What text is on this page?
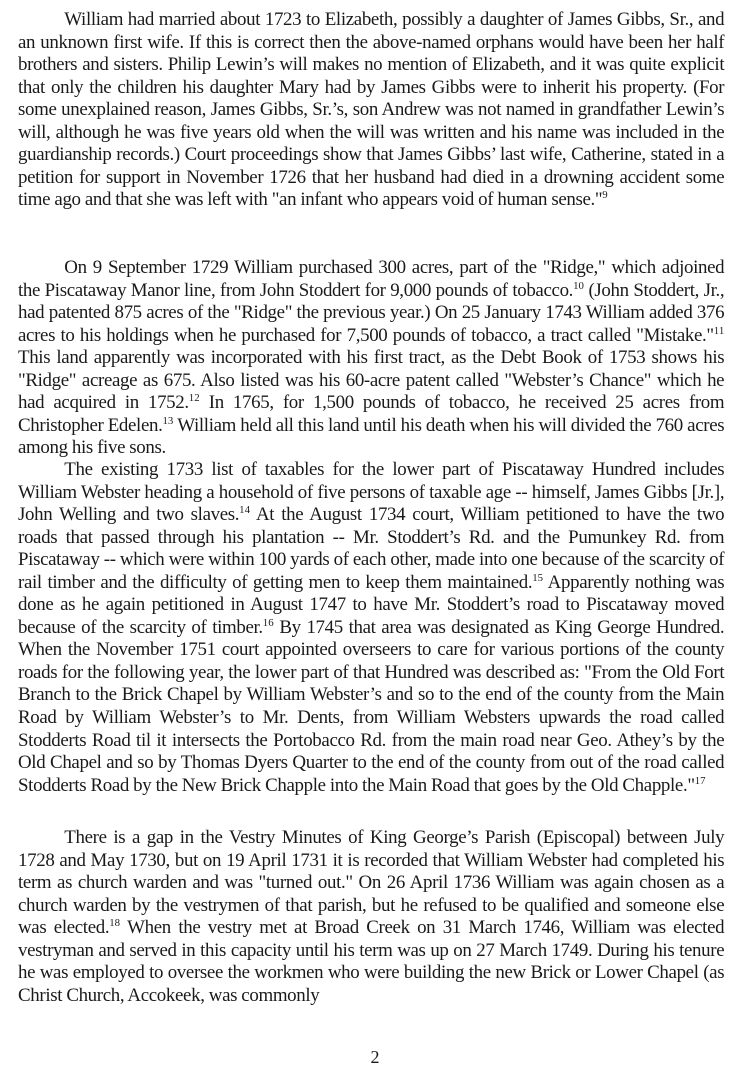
William had married about 1723 to Elizabeth, possibly a daughter of James Gibbs, Sr., and an unknown first wife. If this is correct then the above-named orphans would have been her half brothers and sisters. Philip Lewin’s will makes no mention of Elizabeth, and it was quite explicit that only the children his daughter Mary had by James Gibbs were to inherit his property. (For some unexplained reason, James Gibbs, Sr.’s, son Andrew was not named in grandfather Lewin’s will, although he was five years old when the will was written and his name was included in the guardianship records.) Court proceedings show that James Gibbs’ last wife, Catherine, stated in a petition for support in November 1726 that her husband had died in a drowning accident some time ago and that she was left with "an infant who appears void of human sense."$^9$

On 9 September 1729 William purchased 300 acres, part of the "Ridge," which adjoined the Piscataway Manor line, from John Stoddert for 9,000 pounds of tobacco.$^{10}$ (John Stoddert, Jr., had patented 875 acres of the "Ridge" the previous year.) On 25 January 1743 William added 376 acres to his holdings when he purchased for 7,500 pounds of tobacco, a tract called "Mistake."$^{11}$ This land apparently was incorporated with his first tract, as the Debt Book of 1753 shows his "Ridge" acreage as 675. Also listed was his 60-acre patent called "Webster’s Chance" which he had acquired in 1752.12 In 1765, for 1,500 pounds of tobacco, he received 25 acres from Christopher Edelen.$^{13}$ William held all this land until his death when his will divided the 760 acres among his five sons.

The existing 1733 list of taxables for the lower part of Piscataway Hundred includes William Webster heading a household of five persons of taxable age -- himself, James Gibbs [Jr.], John Welling and two slaves.$^{14}$ At the August 1734 court, William petitioned to have the two roads that passed through his plantation -- Mr. Stoddert’s Rd. and the Pumunkey Rd. from Piscataway -- which were within 100 yards of each other, made into one because of the scarcity of rail timber and the difficulty of getting men to keep them maintained.$^{15}$ Apparently nothing was done as he again petitioned in August 1747 to have Mr. Stoddert’s road to Piscataway moved because of the scarcity of timber.$^{16}$ By 1745 that area was designated as King George Hundred. When the November 1751 court appointed overseers to care for various portions of the county roads for the following year, the lower part of that Hundred was described as: "From the Old Fort Branch to the Brick Chapel by William Webster’s and so to the end of the county from the Main Road by William Webster’s to Mr. Dents, from William Websters upwards the road called Stodderts Road til it intersects the Portobacco Rd. from the main road near Geo. Athey’s by the Old Chapel and so by Thomas Dyers Quarter to the end of the county from out of the road called Stodderts Road by the New Brick Chapple into the Main Road that goes by the Old Chapple."$^{17}$

There is a gap in the Vestry Minutes of King George’s Parish (Episcopal) between July 1728 and May 1730, but on 19 April 1731 it is recorded that William Webster had completed his term as church warden and was "turned out." On 26 April 1736 William was again chosen as a church warden by the vestrymen of that parish, but he refused to be qualified and someone else was elected.$^{18}$ When the vestry met at Broad Creek on 31 March 1746, William was elected vestryman and served in this capacity until his term was up on 27 March 1749. During his tenure he was employed to oversee the workmen who were building the new Brick or Lower Chapel (as Christ Church, Accokeek, was commonly

2
